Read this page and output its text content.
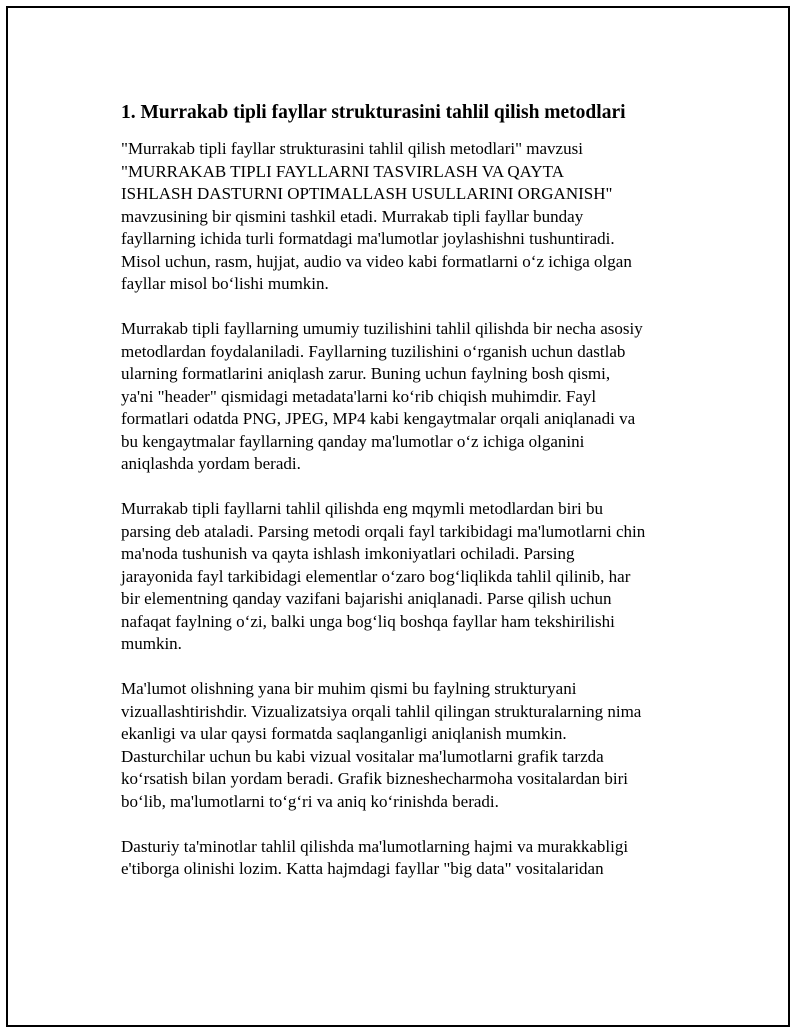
1. Murrakab tipli fayllar strukturasini tahlil qilish metodlari
"Murrakab tipli fayllar strukturasini tahlil qilish metodlari" mavzusi
"MURRAKAB TIPLI FAYLLARNI TASVIRLASH VA QAYTA
ISHLASH DASTURNI OPTIMALLASH USULLARINI ORGANISH"
mavzusining bir qismini tashkil etadi. Murrakab tipli fayllar bunday
fayllarning ichida turli formatdagi ma'lumotlar joylashishni tushuntiradi.
Misol uchun, rasm, hujjat, audio va video kabi formatlarni o‘z ichiga olgan
fayllar misol bo‘lishi mumkin.
Murrakab tipli fayllarning umumiy tuzilishini tahlil qilishda bir necha asosiy
metodlardan foydalaniladi. Fayllarning tuzilishini o‘rganish uchun dastlab
ularning formatlarini aniqlash zarur. Buning uchun faylning bosh qismi,
ya'ni "header" qismidagi metadata'larni ko‘rib chiqish muhimdir. Fayl
formatlari odatda PNG, JPEG, MP4 kabi kengaytmalar orqali aniqlanadi va
bu kengaytmalar fayllarning qanday ma'lumotlar o‘z ichiga olganini
aniqlashda yordam beradi.
Murrakab tipli fayllarni tahlil qilishda eng mqymli metodlardan biri bu
parsing deb ataladi. Parsing metodi orqali fayl tarkibidagi ma'lumotlarni chin
ma'noda tushunish va qayta ishlash imkoniyatlari ochiladi. Parsing
jarayonida fayl tarkibidagi elementlar o‘zaro bog‘liqlikda tahlil qilinib, har
bir elementning qanday vazifani bajarishi aniqlanadi. Parse qilish uchun
nafaqat faylning o‘zi, balki unga bog‘liq boshqa fayllar ham tekshirilishi
mumkin.
Ma'lumot olishning yana bir muhim qismi bu faylning strukturyani
vizuallashtirishdir. Vizualizatsiya orqali tahlil qilingan strukturalarning nima
ekanligi va ular qaysi formatda saqlanganligi aniqlanish mumkin.
Dasturchilar uchun bu kabi vizual vositalar ma'lumotlarni grafik tarzda
ko‘rsatish bilan yordam beradi. Grafik bizneshecharmoha vositalardan biri
bo‘lib, ma'lumotlarni to‘g‘ri va aniq ko‘rinishda beradi.
Dasturiy ta'minotlar tahlil qilishda ma'lumotlarning hajmi va murakkabligi
e'tiborga olinishi lozim. Katta hajmdagi fayllar "big data" vositalaridan
